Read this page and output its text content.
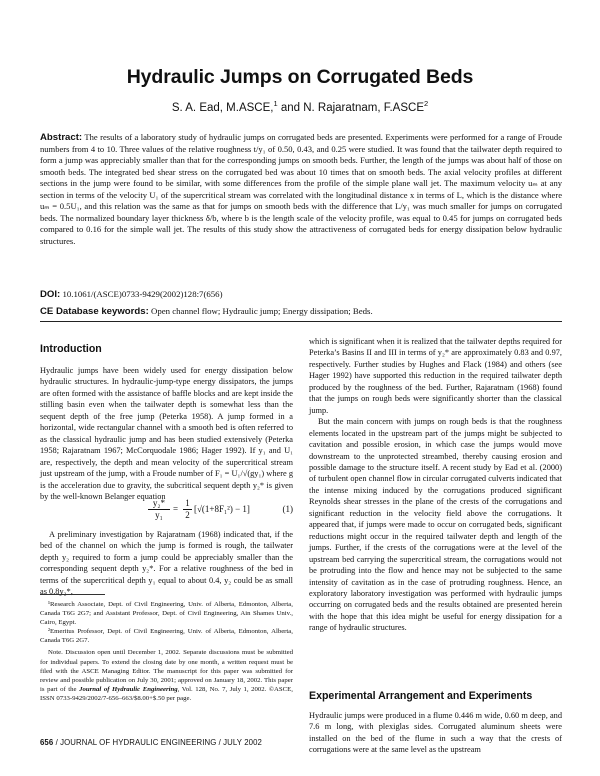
Hydraulic Jumps on Corrugated Beds
S. A. Ead, M.ASCE,$^1$ and N. Rajaratnam, F.ASCE$^2$
Abstract: The results of a laboratory study of hydraulic jumps on corrugated beds are presented. Experiments were performed for a range of Froude numbers from 4 to 10. Three values of the relative roughness t/y₁ of 0.50, 0.43, and 0.25 were studied. It was found that the tailwater depth required to form a jump was appreciably smaller than that for the corresponding jumps on smooth beds. Further, the length of the jumps was about half of those on smooth beds. The integrated bed shear stress on the corrugated bed was about 10 times that on smooth beds. The axial velocity profiles at different sections in the jump were found to be similar, with some differences from the profile of the simple plane wall jet. The maximum velocity uₘ at any section in terms of the velocity U₁ of the supercritical stream was correlated with the longitudinal distance x in terms of L, which is the distance where uₘ = 0.5U₁, and this relation was the same as that for jumps on smooth beds with the difference that L/y₁ was much smaller for jumps on corrugated beds. The normalized boundary layer thickness δ/b, where b is the length scale of the velocity profile, was equal to 0.45 for jumps on corrugated beds compared to 0.16 for the simple wall jet. The results of this study show the attractiveness of corrugated beds for energy dissipation below hydraulic structures.
DOI: 10.1061/(ASCE)0733-9429(2002)128:7(656)
CE Database keywords: Open channel flow; Hydraulic jump; Energy dissipation; Beds.
Introduction

Hydraulic jumps have been widely used for energy dissipation below hydraulic structures. In hydraulic-jump-type energy dissipators, the jumps are often formed with the assistance of baffle blocks and are kept inside the stilling basin even when the tailwater depth is somewhat less than the sequent depth of the free jump (Peterka 1958). A jump formed in a horizontal, wide rectangular channel with a smooth bed is often referred to as the classical hydraulic jump and has been studied extensively (Peterka 1958; Rajaratnam 1967; McCorquodale 1986; Hager 1992). If y₁ and U₁ are, respectively, the depth and mean velocity of the supercritical stream just upstream of the jump, with a Froude number of F₁ = U₁/√(gy₁) where g is the acceleration due to gravity, the subcritical sequent depth y₂* is given by the well-known Belanger equation

$\frac{\text{y₂*}}{\text{y₁}} = \frac{1}{2} [√(1+8F_1^2) - 1]$	(1)

A preliminary investigation by Rajaratnam (1968) indicated that, if the bed of the channel on which the jump is formed is rough, the tailwater depth y₂ required to form a jump could be appreciably smaller than the corresponding sequent depth y₂*. For a relative roughness of the bed in terms of the supercritical depth y₁ equal to about 0.4, y₂ could be as small as 0.8y₂*,

¹Research Associate, Dept. of Civil Engineering, Univ. of Alberta, Edmonton, Alberta, Canada T6G 2G7; and Assistant Professor, Dept. of Civil Engineering, Ain Shames Univ., Cairo, Egypt.

²Emeritus Professor, Dept. of Civil Engineering, Univ. of Alberta, Edmonton, Alberta, Canada T6G 2G7.

Note. Discussion open until December 1, 2002. Separate discussions must be submitted for individual papers. To extend the closing date by one month, a written request must be filed with the ASCE Managing Editor. The manuscript for this paper was submitted for review and possible publication on July 30, 2001; approved on January 18, 2002. This paper is part of the Journal of Hydraulic Engineering, Vol. 128, No. 7, July 1, 2002. ©ASCE, ISSN 0733-9429/2002/7-656–663/$8.00+$.50 per page.

which is significant when it is realized that the tailwater depths required for Peterka’s Basins II and III in terms of y₂* are approximately 0.83 and 0.97, respectively. Further studies by Hughes and Flack (1984) and others (see Hager 1992) have supported this reduction in the required tailwater depth produced by the roughness of the bed. Further, Rajaratnam (1968) found that the jumps on rough beds were significantly shorter than the classical jump.

But the main concern with jumps on rough beds is that the roughness elements located in the upstream part of the jumps might be subjected to cavitation and possible erosion, in which case the jumps would move downstream to the unprotected streambed, thereby causing erosion and possible damage to the structure itself. A recent study by Ead et al. (2000) of turbulent open channel flow in circular corrugated culverts indicated that the intense mixing induced by the corrugations produced significant Reynolds shear stresses in the plane of the crests of the corrugations and significant reduction in the velocity field above the corrugations. It appeared that, if jumps were made to occur on corrugated beds, significant reductions might occur in the required tailwater depth and length of the jumps. Further, if the crests of the corrugations were at the level of the upstream bed carrying the supercritical stream, the corrugations would not be protruding into the flow and hence may not be subjected to the same intensity of cavitation as in the case of protruding roughness. Hence, an exploratory laboratory investigation was performed with hydraulic jumps occurring on corrugated beds and the results obtained are presented herein with the hope that this idea might be useful for energy dissipation for a range of hydraulic structures.

Experimental Arrangement and Experiments

Hydraulic jumps were produced in a flume 0.446 m wide, 0.60 m deep, and 7.6 m long, with plexiglas sides. Corrugated aluminum sheets were installed on the bed of the flume in such a way that the crests of corrugations were at the same level as the upstream

656 / JOURNAL OF HYDRAULIC ENGINEERING / JULY 2002
